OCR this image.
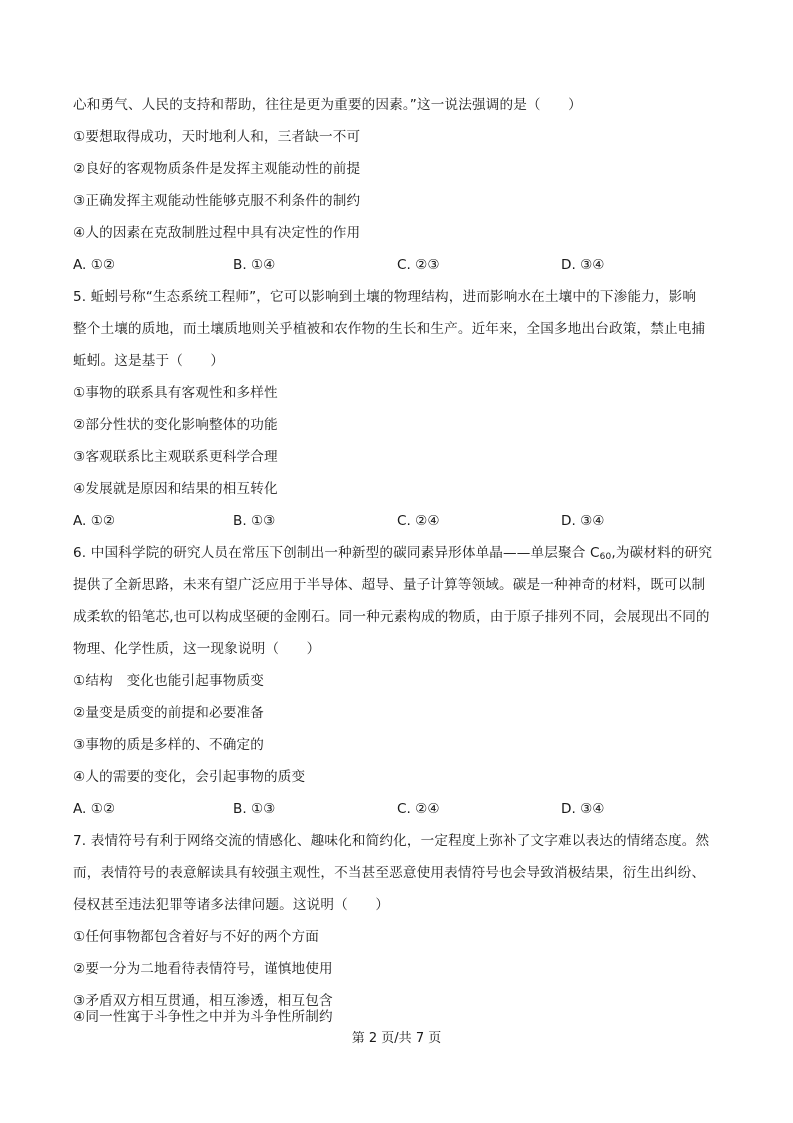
心和勇气、人民的支持和帮助，往往是更为重要的因素。”这一说法强调的是（　　）
①要想取得成功，天时地利人和，三者缺一不可
②良好的客观物质条件是发挥主观能动性的前提
③正确发挥主观能动性能够克服不利条件的制约
④人的因素在克敌制胜过程中具有决定性的作用
A. ①②	B. ①④	C. ②③	D. ③④
5. 蚯蚓号称“生态系统工程师”，它可以影响到土壤的物理结构，进而影响水在土壤中的下渗能力，影响
整个土壤的质地，而土壤质地则关乎植被和农作物的生长和生产。近年来，全国多地出台政策，禁止电捕
蚯蚓。这是基于（　　）
①事物的联系具有客观性和多样性
②部分性状的变化影响整体的功能
③客观联系比主观联系更科学合理
④发展就是原因和结果的相互转化
A. ①②	B. ①③	C. ②④	D. ③④
6. 中国科学院的研究人员在常压下创制出一种新型的碳同素异形体单晶——单层聚合 $C_{60}$,为碳材料的研究
提供了全新思路，未来有望广泛应用于半导体、超导、量子计算等领域。碳是一种神奇的材料，既可以制
成柔软的铅笔芯,也可以构成坚硬的金刚石。同一种元素构成的物质，由于原子排列不同，会展现出不同的
物理、化学性质，这一现象说明（　　）
①结构　变化也能引起事物质变
②量变是质变的前提和必要准备
③事物的质是多样的、不确定的
④人的需要的变化，会引起事物的质变
A. ①②	B. ①③	C. ②④	D. ③④
7. 表情符号有利于网络交流的情感化、趣味化和简约化，一定程度上弥补了文字难以表达的情绪态度。然
而，表情符号的表意解读具有较强主观性，不当甚至恶意使用表情符号也会导致消极结果，衍生出纠纷、
侵权甚至违法犯罪等诸多法律问题。这说明（　　）
①任何事物都包含着好与不好的两个方面
②要一分为二地看待表情符号，谨慎地使用
③矛盾双方相互贯通，相互渗透，相互包含
④同一性寓于斗争性之中并为斗争性所制约
第 2 页/共 7 页
